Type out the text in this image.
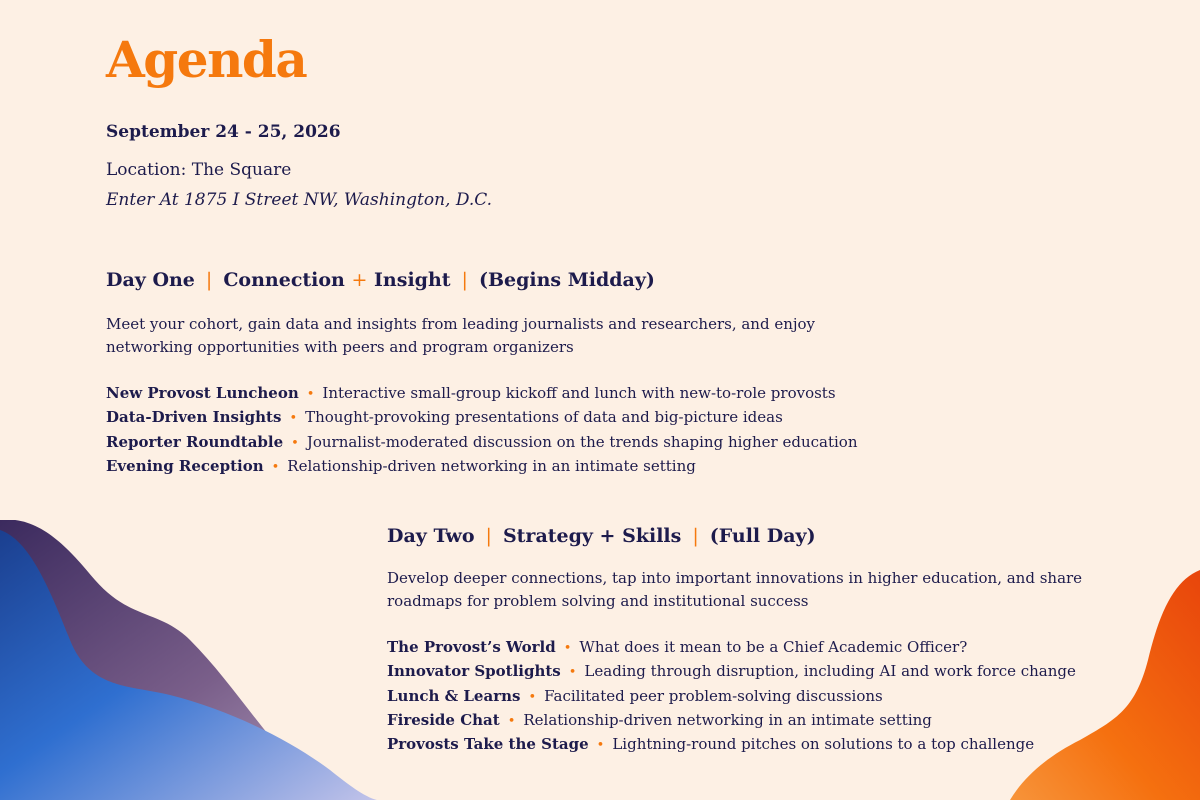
Agenda
September 24 - 25, 2026
Location: The Square
Enter At 1875 I Street NW, Washington, D.C.
Day One | Connection + Insight | (Begins Midday)
Meet your cohort, gain data and insights from leading journalists and researchers, and enjoy networking opportunities with peers and program organizers
New Provost Luncheon • Interactive small-group kickoff and lunch with new-to-role provosts
Data-Driven Insights • Thought-provoking presentations of data and big-picture ideas
Reporter Roundtable • Journalist-moderated discussion on the trends shaping higher education
Evening Reception • Relationship-driven networking in an intimate setting
Day Two | Strategy + Skills | (Full Day)
Develop deeper connections, tap into important innovations in higher education, and share roadmaps for problem solving and institutional success
The Provost’s World • What does it mean to be a Chief Academic Officer?
Innovator Spotlights • Leading through disruption, including AI and work force change
Lunch & Learns • Facilitated peer problem-solving discussions
Fireside Chat • Relationship-driven networking in an intimate setting
Provosts Take the Stage • Lightning-round pitches on solutions to a top challenge
